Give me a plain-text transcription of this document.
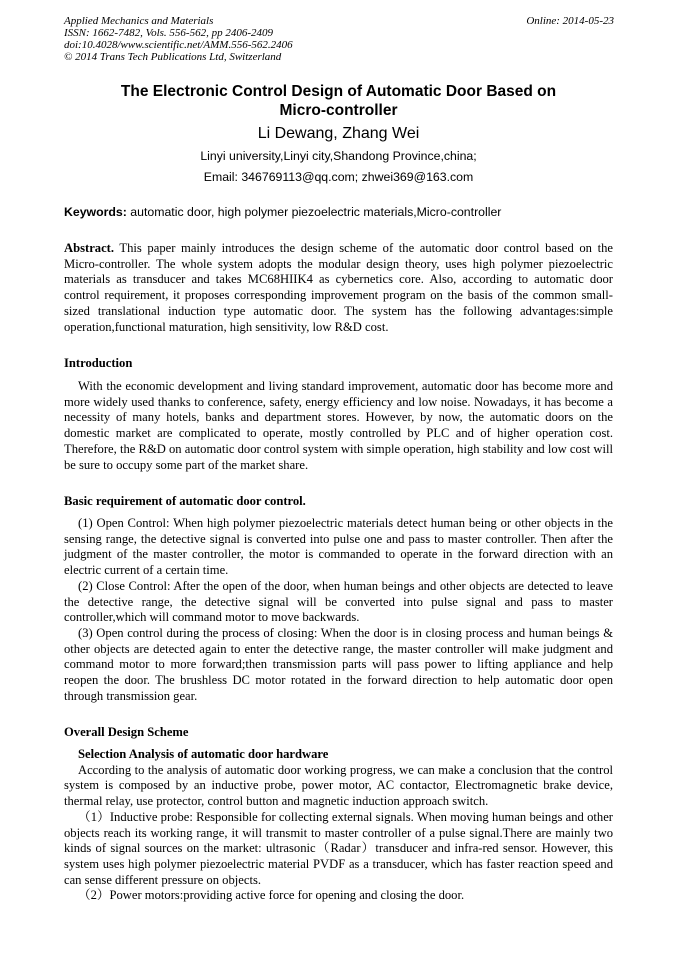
Applied Mechanics and Materials
ISSN: 1662-7482, Vols. 556-562, pp 2406-2409
doi:10.4028/www.scientific.net/AMM.556-562.2406
© 2014 Trans Tech Publications Ltd, Switzerland
Online: 2014-05-23
The Electronic Control Design of Automatic Door Based on
Micro-controller
Li Dewang, Zhang Wei
Linyi university,Linyi city,Shandong Province,china;
Email: 346769113@qq.com; zhwei369@163.com
Keywords: automatic door, high polymer piezoelectric materials,Micro-controller

Abstract. This paper mainly introduces the design scheme of the automatic door control based on the Micro-controller. The whole system adopts the modular design theory, uses high polymer piezoelectric materials as transducer and takes MC68HIIK4 as cybernetics core. Also, according to automatic door control requirement, it proposes corresponding improvement program on the basis of the common small-sized translational induction type automatic door. The system has the following advantages:simple operation,functional maturation, high sensitivity, low R&D cost.

Introduction

With the economic development and living standard improvement, automatic door has become more and more widely used thanks to conference, safety, energy efficiency and low noise. Nowadays, it has become a necessity of many hotels, banks and department stores. However, by now, the automatic doors on the domestic market are complicated to operate, mostly controlled by PLC and of higher operation cost. Therefore, the R&D on automatic door control system with simple operation, high stability and low cost will be sure to occupy some part of the market share.

Basic requirement of automatic door control.

(1) Open Control: When high polymer piezoelectric materials detect human being or other objects in the sensing range, the detective signal is converted into pulse one and pass to master controller. Then after the judgment of the master controller, the motor is commanded to operate in the forward direction with an electric current of a certain time.

(2) Close Control: After the open of the door, when human beings and other objects are detected to leave the detective range, the detective signal will be converted into pulse signal and pass to master controller,which will command motor to move backwards.

(3) Open control during the process of closing: When the door is in closing process and human beings & other objects are detected again to enter the detective range, the master controller will make judgment and command motor to more forward;then transmission parts will pass power to lifting appliance and help reopen the door. The brushless DC motor rotated in the forward direction to help automatic door open through transmission gear.

Overall Design Scheme
Selection Analysis of automatic door hardware

According to the analysis of automatic door working progress, we can make a conclusion that the control system is composed by an inductive probe, power motor, AC contactor, Electromagnetic brake device, thermal relay, use protector, control button and magnetic induction approach switch.

（1）Inductive probe: Responsible for collecting external signals. When moving human beings and other objects reach its working range, it will transmit to master controller of a pulse signal.There are mainly two kinds of signal sources on the market: ultrasonic（Radar）transducer and infra-red sensor. However, this system uses high polymer piezoelectric material PVDF as a transducer, which has faster reaction speed and can sense different pressure on objects.

（2）Power motors:providing active force for opening and closing the door.
